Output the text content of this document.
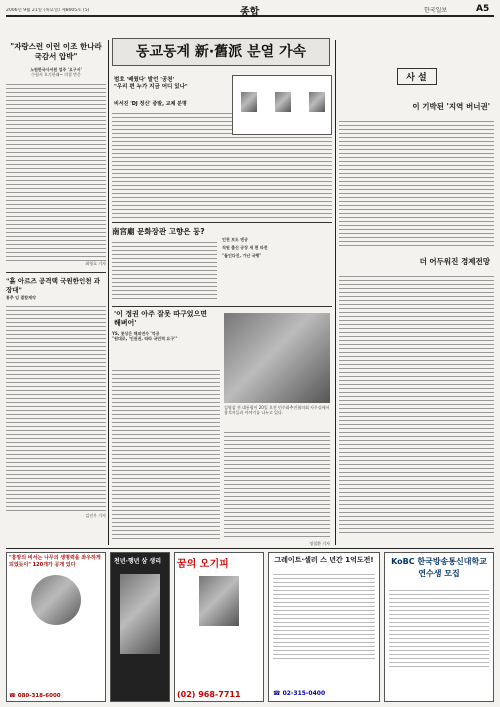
2006년 9월 21일 (목요일) 제8005호 (5)	종합	한국일보	A5
"자랑스런 이런 이조 한나라 국감서 압박"
노원한국사서원 업주 '요구서'
수험서 오기한래~ 의결 반응
최영호 기자
"흙 아르즈 공격택 국원한인천 과장대"
통추 임 결합제약
김진우 기자
동교동계 新·舊派 분열 가속
범호 '배웠다' 발언 '공천'
"우리 편 누가 지금 어디 있나"
비서진 'DJ 정신' 증발, 교체 분명
南宮廟 문화장관 고향은 둥?
인천 보도 엔공
직원 출신 공장 세 편 타전
"돌인다진, 가난 국행"
'이 정권 아주 잘못 따구었으면 해벼어'
YS, 롯상은 해외연수 '억공
"원대로, '인권권, 따라 국민적 요구'"
김영삼 전 대통령이 20일 오전 민주화추진협의회 사무실에서 참석자들과 이야기를 나누고 있다.
정철환 기자
사 설
이 기박된 '지역 버너권'
더 어두워진 경제전망
"흥망의 비서는 나무의 생명력을 좌우하게 되었듯이" 120개가 공개 있다
☎ 080-318-6000
천년·행년 삼 생리	꿈의 오기피
(02) 968-7711
그레이트·셀러 스 년간 1억도전!
☎ 02-315-0400
KoBC 한국방송통신대학교 연수생 모집
